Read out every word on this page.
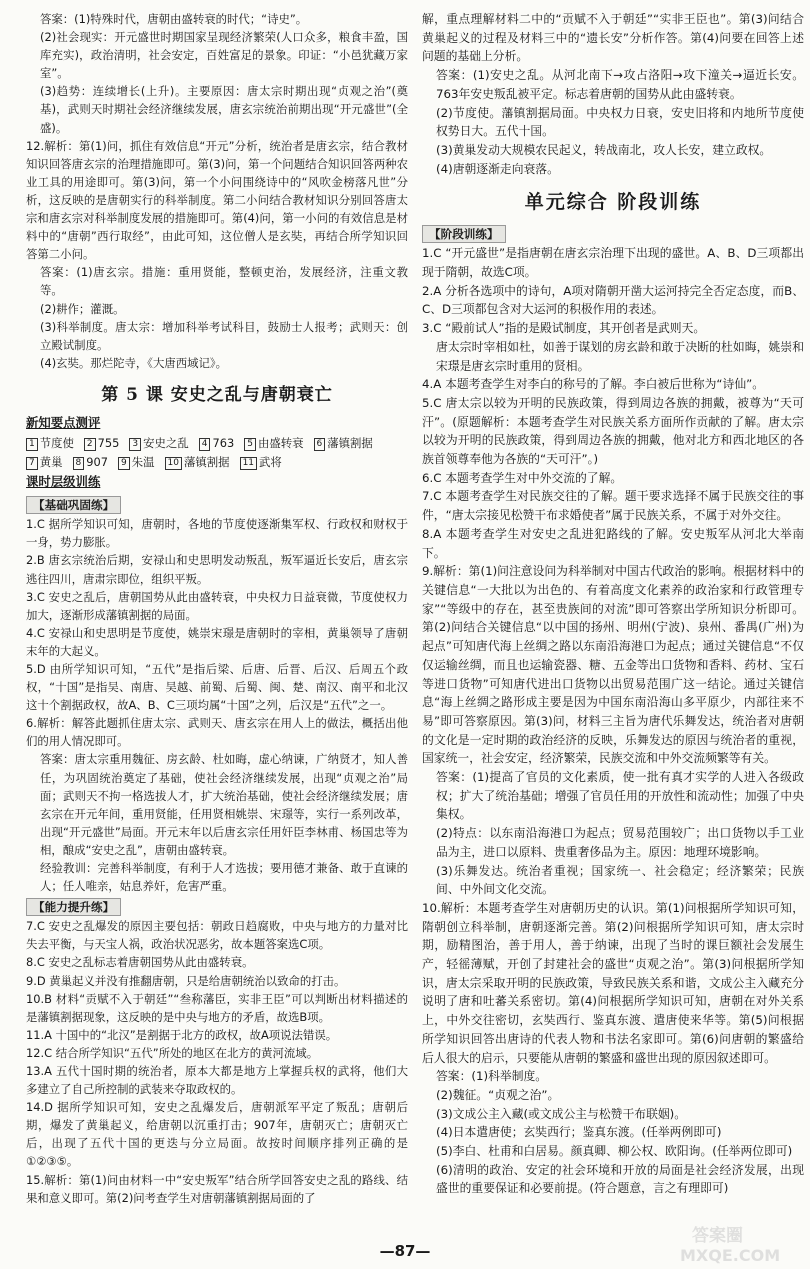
答案：(1)特殊时代，唐朝由盛转衰的时代；“诗史”。

(2)社会现实：开元盛世时期国家呈现经济繁荣(人口众多，粮食丰盈，国库充实)，政治清明，社会安定，百姓富足的景象。印证：“小邑犹藏万家室”。

(3)趋势：连续增长(上升)。主要原因：唐太宗时期出现“贞观之治”(奠基)，武则天时期社会经济继续发展，唐玄宗统治前期出现“开元盛世”(全盛)。

12.解析：第(1)问，抓住有效信息“开元”分析，统治者是唐玄宗，结合教材知识回答唐玄宗的治理措施即可。第(3)问，第一个问题结合知识回答两种农业工具的用途即可。第(3)问，第一个小问围绕诗中的“风吹金榜落凡世”分析，这反映的是唐朝实行的科举制度。第二小问结合教材知识分别回答唐太宗和唐玄宗对科举制度发展的措施即可。第(4)问，第一小问的有效信息是材料中的“唐朝”西行取经”，由此可知，这位僧人是玄奘，再结合所学知识回答第二小问。

答案：(1)唐玄宗。措施：重用贤能，整顿吏治，发展经济，注重文教等。

(2)耕作；灌溉。

(3)科举制度。唐太宗：增加科举考试科目，鼓励士人报考；武则天：创立殿试制度。

(4)玄奘。那烂陀寺，《大唐西域记》。

第 5 课 安史之乱与唐朝衰亡
新知要点测评
1 节度使	2 755	3 安史之乱	4 763	5 由盛转衰	6 藩镇割据
7 黄巢	8 907	9 朱温	10 藩镇割据	11 武将
课时层级训练
【基础巩固练】

1.C 据所学知识可知，唐朝时，各地的节度使逐渐集军权、行政权和财权于一身，势力膨胀。

2.B 唐玄宗统治后期，安禄山和史思明发动叛乱，叛军逼近长安后，唐玄宗逃往四川，唐肃宗即位，组织平叛。

3.C 安史之乱后，唐朝国势从此由盛转衰，中央权力日益衰微，节度使权力加大，逐渐形成藩镇割据的局面。

4.C 安禄山和史思明是节度使，姚崇宋璟是唐朝时的宰相，黄巢领导了唐朝末年的大起义。

5.D 由所学知识可知，“五代”是指后梁、后唐、后晋、后汉、后周五个政权，“十国”是指吴、南唐、吴越、前蜀、后蜀、闽、楚、南汉、南平和北汉这十个割据政权，故A、B、C三项均属“十国”之列，后汉是“五代”之一。

6.解析：解答此题抓住唐太宗、武则天、唐玄宗在用人上的做法，概括出他们的用人情况即可。

答案：唐太宗重用魏征、房玄龄、杜如晦，虚心纳谏，广纳贤才，知人善任，为巩固统治奠定了基础，使社会经济继续发展，出现“贞观之治”局面；武则天不拘一格选拔人才，扩大统治基础，使社会经济继续发展；唐玄宗在开元年间，重用贤能，任用贤相姚崇、宋璟等，实行一系列改革，出现“开元盛世”局面。开元末年以后唐玄宗任用奸臣李林甫、杨国忠等为相，酿成“安史之乱”，唐朝由盛转衰。

经验教训：完善科举制度，有利于人才选拔；要用德才兼备、敢于直谏的人；任人唯亲，姑息养奸，危害严重。

【能力提升练】

7.C 安史之乱爆发的原因主要包括：朝政日趋腐败，中央与地方的力量对比失去平衡，与天宝人祸，政治状况恶劣，故本题答案选C项。

8.C 安史之乱标志着唐朝国势从此由盛转衰。

9.D 黄巢起义并没有推翻唐朝，只是给唐朝统治以致命的打击。

10.B 材料“贡赋不入于朝廷”“叁称藩臣，实非王臣”可以判断出材料描述的是藩镇割据现象，这反映的是中央与地方的矛盾，故选B项。

11.A 十国中的“北汉”是割据于北方的政权，故A项说法错误。

12.C 结合所学知识“五代”所处的地区在北方的黄河流域。

13.A 五代十国时期的统治者，原本大都是地方上掌握兵权的武将，他们大多建立了自己所控制的武装来夺取政权的。

14.D 据所学知识可知，安史之乱爆发后，唐朝派军平定了叛乱；唐朝后期，爆发了黄巢起义，给唐朝以沉重打击；907年，唐朝灭亡；唐朝灭亡后，出现了五代十国的更迭与分立局面。故按时间顺序排列正确的是①②③⑤。

15.解析：第(1)问由材料一中“安史叛军”结合所学回答安史之乱的路线、结果和意义即可。第(2)问考查学生对唐朝藩镇割据局面的了

解，重点理解材料二中的“贡赋不入于朝廷”“实非王臣也”。第(3)问结合黄巢起义的过程及材料三中的“遗长安”分析作答。第(4)问要在回答上述问题的基础上分析。

答案：(1)安史之乱。从河北南下→攻占洛阳→攻下潼关→逼近长安。763年安史叛乱被平定。标志着唐朝的国势从此由盛转衰。

(2)节度使。藩镇割据局面。中央权力日衰，安史旧将和内地所节度使权势日大。五代十国。

(3)黄巢发动大规模农民起义，转战南北，攻人长安，建立政权。

(4)唐朝逐渐走向衰落。

单元综合 阶段训练
【阶段训练】

1.C “开元盛世”是指唐朝在唐玄宗治理下出现的盛世。A、B、D三项都出现于隋朝，故选C项。

2.A 分析各选项中的诗句，A项对隋朝开凿大运河持完全否定态度，而B、C、D三项都包含对大运河的积极作用的表述。

3.C “殿前试人”指的是殿试制度，其开创者是武则天。

唐太宗时宰相如杜，如善于谋划的房玄龄和敢于决断的杜如晦，姚崇和宋璟是唐玄宗时重用的贤相。

4.A 本题考查学生对李白的称号的了解。李白被后世称为“诗仙”。

5.C 唐太宗以较为开明的民族政策，得到周边各族的拥戴，被尊为“天可汗”。(原题解析：本题考查学生对民族关系方面所作贡献的了解。唐太宗以较为开明的民族政策，得到周边各族的拥戴，他对北方和西北地区的各族首领尊奉他为各族的“天可汗”。)

6.C 本题考查学生对中外交流的了解。

7.C 本题考查学生对民族交往的了解。题干要求选择不属于民族交往的事件，“唐太宗接见松赞干布求婚使者”属于民族关系，不属于对外交往。

8.A 本题考查学生对安史之乱进犯路线的了解。安史叛军从河北大举南下。

9.解析：第(1)问注意设问为科举制对中国古代政治的影响。根据材料中的关键信息“一大批以为出色的、有着高度文化素养的政治家和行政管理专家”“等级中的存在，甚至贵族间的对流”即可答察出学所知识分析即可。第(2)问结合关键信息“以中国的扬州、明州(宁波)、泉州、番禺(广州)为起点”可知唐代海上丝绸之路以东南沿海港口为起点；通过关键信息“不仅仅运输丝绸，而且也运输瓷器、糖、五金等出口货物和香料、药材、宝石等进口货物”可知唐代进出口货物以出贸易范围广这一结论。通过关键信息“海上丝绸之路形成主要是因为中国东南沿海山多平原少，内部往来不易”即可答察原因。第(3)问，材料三主旨为唐代乐舞发达，统治者对唐朝的文化是一定时期的政治经济的反映，乐舞发达的原因与统治者的重视，国家统一，社会安定，经济繁荣，民族交流和中外交流频繁等有关。

答案：(1)提高了官员的文化素质，使一批有真才实学的人进入各级政权；扩大了统治基础；增强了官员任用的开放性和流动性；加强了中央集权。

(2)特点：以东南沿海港口为起点；贸易范围较广；出口货物以手工业品为主，进口以原料、贵重奢侈品为主。原因：地理环境影响。

(3)乐舞发达。统治者重视；国家统一、社会稳定；经济繁荣；民族间、中外间文化交流。

10.解析：本题考查学生对唐朝历史的认识。第(1)问根据所学知识可知，隋朝创立科举制，唐朝逐渐完善。第(2)问根据所学知识可知，唐太宗时期，励精图治，善于用人，善于纳谏，出现了当时的课巨额社会发展生产，轻徭薄赋，开创了封建社会的盛世“贞观之治”。第(3)问根据所学知识，唐太宗采取开明的民族政策，导致民族关系和谐，文成公主入藏充分说明了唐和吐蕃关系密切。第(4)问根据所学知识可知，唐朝在对外关系上，中外交往密切，玄奘西行、鉴真东渡、遣唐使来华等。第(5)问根据所学知识回答出唐诗的代表人物和书法名家即可。第(6)问唐朝的繁盛给后人很大的启示，只要能从唐朝的繁盛和盛世出现的原因叙述即可。

答案：(1)科举制度。

(2)魏征。“贞观之治”。

(3)文成公主入藏(或文成公主与松赞干布联姻)。

(4)日本遣唐使；玄奘西行；鉴真东渡。(任举两例即可)

(5)李白、杜甫和白居易。颜真卿、柳公权、欧阳询。(任举两位即可)

(6)清明的政治、安定的社会环境和开放的局面是社会经济发展，出现盛世的重要保证和必要前提。(符合题意，言之有理即可)

—87—
答案圈
MXQE.COM
